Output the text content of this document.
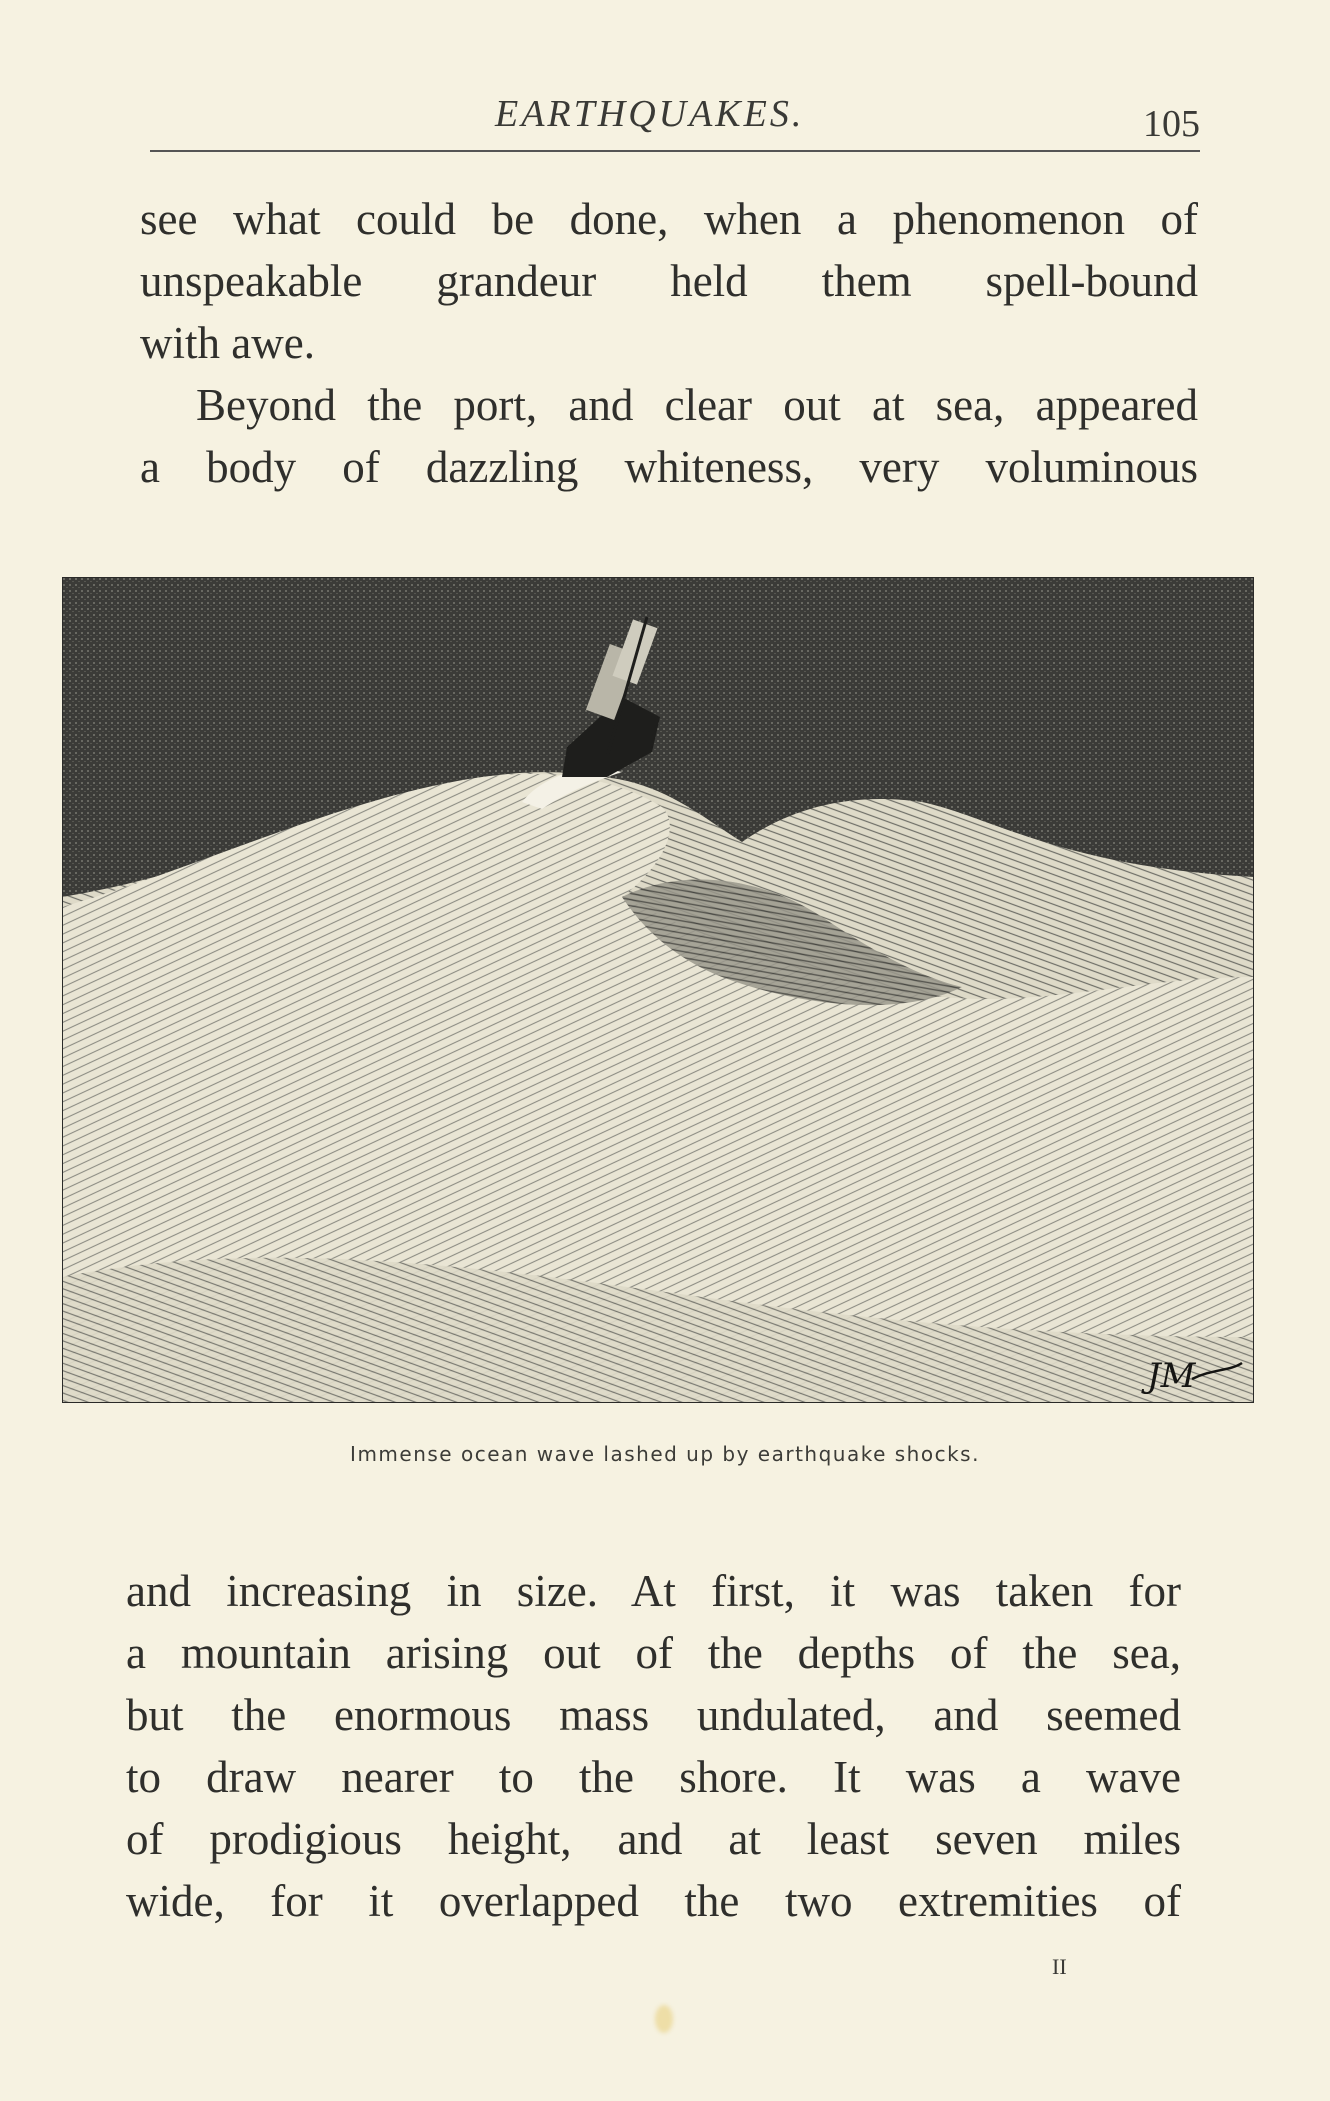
EARTHQUAKES.	105
see what could be done, when a phenomenon of
unspeakable grandeur held them spell-bound
with awe.
Beyond the port, and clear out at sea, appeared
a body of dazzling whiteness, very voluminous
JM
Immense ocean wave lashed up by earthquake shocks.
and increasing in size. At first, it was taken for
a mountain arising out of the depths of the sea,
but the enormous mass undulated, and seemed
to draw nearer to the shore. It was a wave
of prodigious height, and at least seven miles
wide, for it overlapped the two extremities of
II
